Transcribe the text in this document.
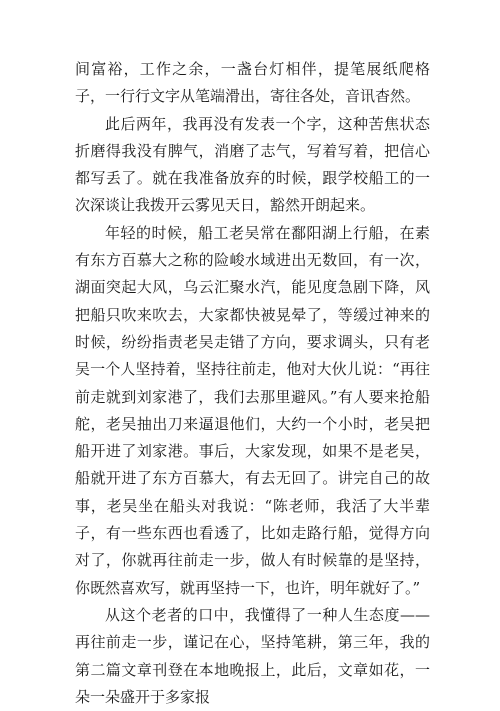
间富裕，工作之余，一盏台灯相伴，提笔展纸爬格子，一行行文字从笔端滑出，寄往各处，音讯杳然。

此后两年，我再没有发表一个字，这种苦焦状态折磨得我没有脾气，消磨了志气，写着写着，把信心都写丢了。就在我准备放弃的时候，跟学校船工的一次深谈让我拨开云雾见天日，豁然开朗起来。

年轻的时候，船工老吴常在鄱阳湖上行船，在素有东方百慕大之称的险峻水域进出无数回，有一次，湖面突起大风，乌云汇聚水汽，能见度急剧下降，风把船只吹来吹去，大家都快被晃晕了，等缓过神来的时候，纷纷指责老吴走错了方向，要求调头，只有老吴一个人坚持着，坚持往前走，他对大伙儿说：“再往前走就到刘家港了，我们去那里避风。”有人要来抢船舵，老吴抽出刀来逼退他们，大约一个小时，老吴把船开进了刘家港。事后，大家发现，如果不是老吴，船就开进了东方百慕大，有去无回了。讲完自己的故事，老吴坐在船头对我说：“陈老师，我活了大半辈子，有一些东西也看透了，比如走路行船，觉得方向对了，你就再往前走一步，做人有时候靠的是坚持，你既然喜欢写，就再坚持一下，也许，明年就好了。”

从这个老者的口中，我懂得了一种人生态度——再往前走一步，谨记在心，坚持笔耕，第三年，我的第二篇文章刊登在本地晚报上，此后，文章如花，一朵一朵盛开于多家报
